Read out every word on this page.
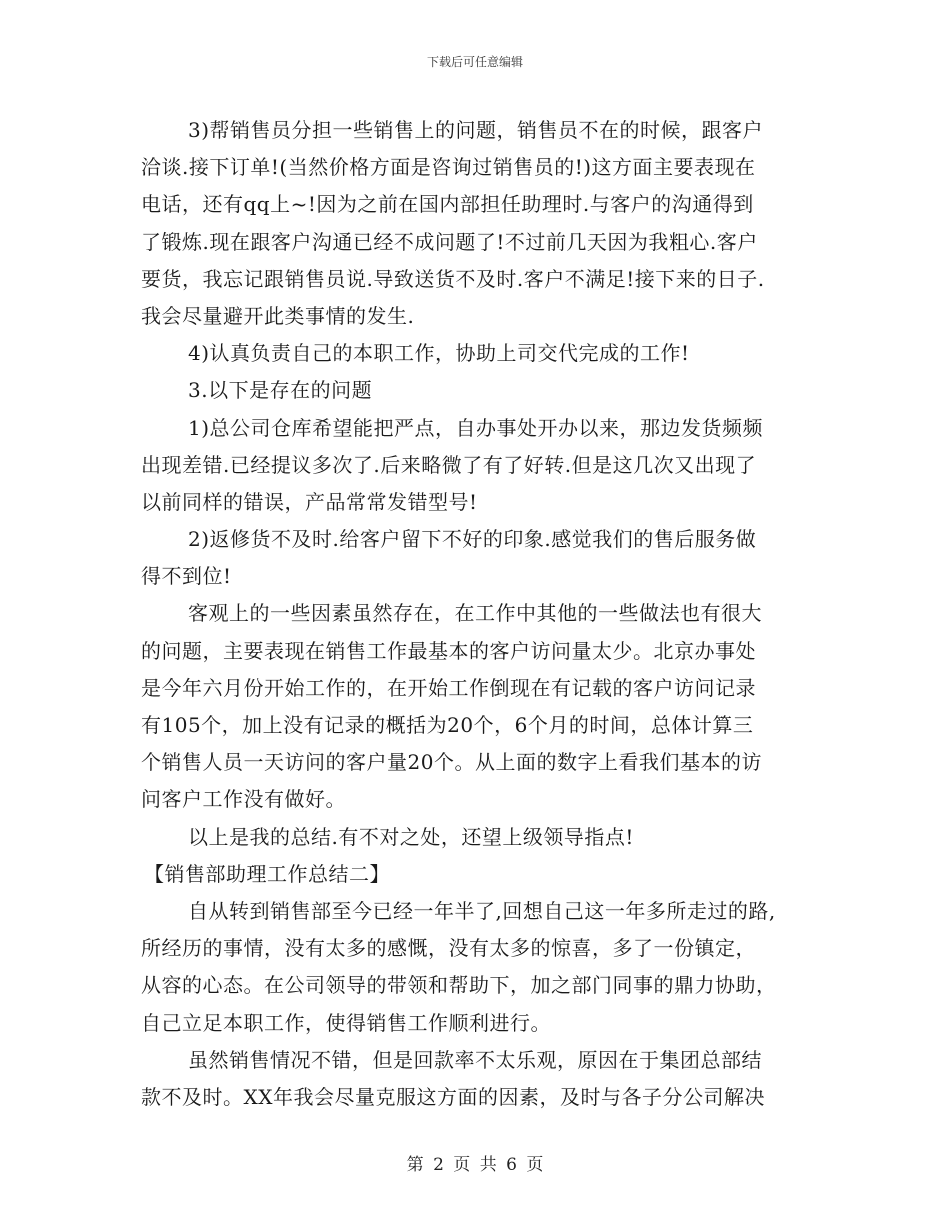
下载后可任意编辑
3)帮销售员分担一些销售上的问题，销售员不在的时候，跟客户
洽谈.接下订单!(当然价格方面是咨询过销售员的!)这方面主要表现在
电话，还有qq上~!因为之前在国内部担任助理时.与客户的沟通得到
了锻炼.现在跟客户沟通已经不成问题了!不过前几天因为我粗心.客户
要货，我忘记跟销售员说.导致送货不及时.客户不满足!接下来的日子.
我会尽量避开此类事情的发生.
4)认真负责自己的本职工作，协助上司交代完成的工作!
3.以下是存在的问题
1)总公司仓库希望能把严点，自办事处开办以来，那边发货频频
出现差错.已经提议多次了.后来略微了有了好转.但是这几次又出现了
以前同样的错误，产品常常发错型号!
2)返修货不及时.给客户留下不好的印象.感觉我们的售后服务做
得不到位!
客观上的一些因素虽然存在，在工作中其他的一些做法也有很大
的问题，主要表现在销售工作最基本的客户访问量太少。北京办事处
是今年六月份开始工作的，在开始工作倒现在有记载的客户访问记录
有105个，加上没有记录的概括为20个，6个月的时间，总体计算三
个销售人员一天访问的客户量20个。从上面的数字上看我们基本的访
问客户工作没有做好。
以上是我的总结.有不对之处，还望上级领导指点!
【销售部助理工作总结二】
自从转到销售部至今已经一年半了,回想自己这一年多所走过的路,
所经历的事情，没有太多的感慨，没有太多的惊喜，多了一份镇定，
从容的心态。在公司领导的带领和帮助下，加之部门同事的鼎力协助，
自己立足本职工作，使得销售工作顺利进行。
虽然销售情况不错，但是回款率不太乐观，原因在于集团总部结
款不及时。XX年我会尽量克服这方面的因素，及时与各子分公司解决
第 2 页 共 6 页
